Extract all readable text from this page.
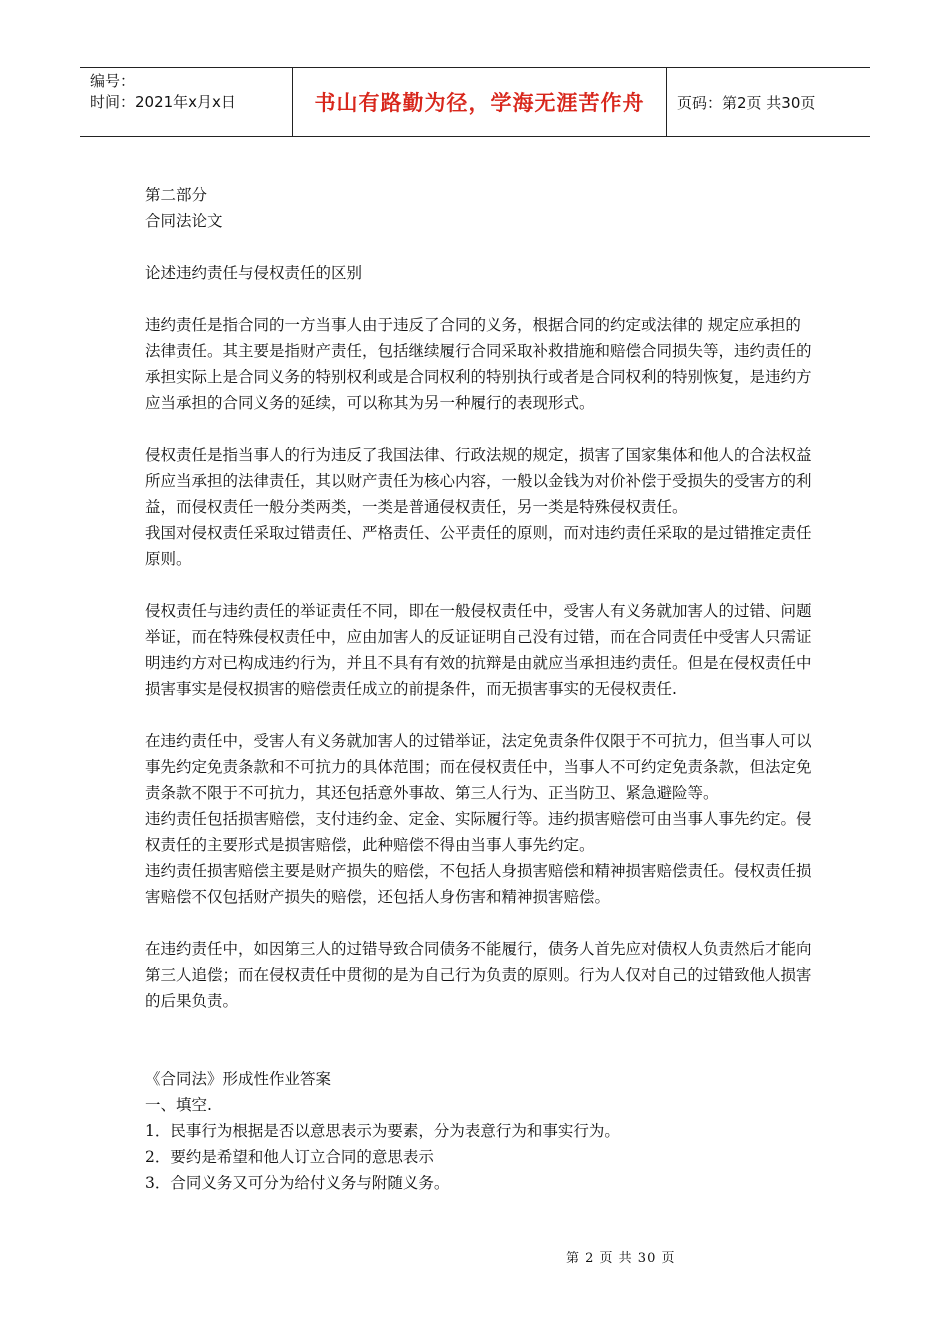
编号：
时间：2021年x月x日	书山有路勤为径，学海无涯苦作舟	页码：第2页 共30页

第二部分

合同法论文

论述违约责任与侵权责任的区别

违约责任是指合同的一方当事人由于违反了合同的义务，根据合同的约定或法律的 规定应承担的法律责任。其主要是指财产责任，包括继续履行合同采取补救措施和赔偿合同损失等，违约责任的承担实际上是合同义务的特别权利或是合同权利的特别执行或者是合同权利的特别恢复，是违约方应当承担的合同义务的延续，可以称其为另一种履行的表现形式。

侵权责任是指当事人的行为违反了我国法律、行政法规的规定，损害了国家集体和他人的合法权益所应当承担的法律责任，其以财产责任为核心内容，一般以金钱为对价补偿于受损失的受害方的利益，而侵权责任一般分类两类，一类是普通侵权责任，另一类是特殊侵权责任。

我国对侵权责任采取过错责任、严格责任、公平责任的原则，而对违约责任采取的是过错推定责任原则。

侵权责任与违约责任的举证责任不同，即在一般侵权责任中，受害人有义务就加害人的过错、问题举证，而在特殊侵权责任中，应由加害人的反证证明自己没有过错，而在合同责任中受害人只需证明违约方对已构成违约行为，并且不具有有效的抗辩是由就应当承担违约责任。但是在侵权责任中损害事实是侵权损害的赔偿责任成立的前提条件，而无损害事实的无侵权责任.

在违约责任中，受害人有义务就加害人的过错举证，法定免责条件仅限于不可抗力，但当事人可以事先约定免责条款和不可抗力的具体范围；而在侵权责任中，当事人不可约定免责条款，但法定免责条款不限于不可抗力，其还包括意外事故、第三人行为、正当防卫、紧急避险等。

违约责任包括损害赔偿，支付违约金、定金、实际履行等。违约损害赔偿可由当事人事先约定。侵权责任的主要形式是损害赔偿，此种赔偿不得由当事人事先约定。

违约责任损害赔偿主要是财产损失的赔偿，不包括人身损害赔偿和精神损害赔偿责任。侵权责任损害赔偿不仅包括财产损失的赔偿，还包括人身伤害和精神损害赔偿。

在违约责任中，如因第三人的过错导致合同债务不能履行，债务人首先应对债权人负责然后才能向第三人追偿；而在侵权责任中贯彻的是为自己行为负责的原则。行为人仅对自己的过错致他人损害的后果负责。

《合同法》形成性作业答案

一、填空.

1．民事行为根据是否以意思表示为要素，分为表意行为和事实行为。

2．要约是希望和他人订立合同的意思表示

3．合同义务又可分为给付义务与附随义务。

第 2 页 共 30 页
